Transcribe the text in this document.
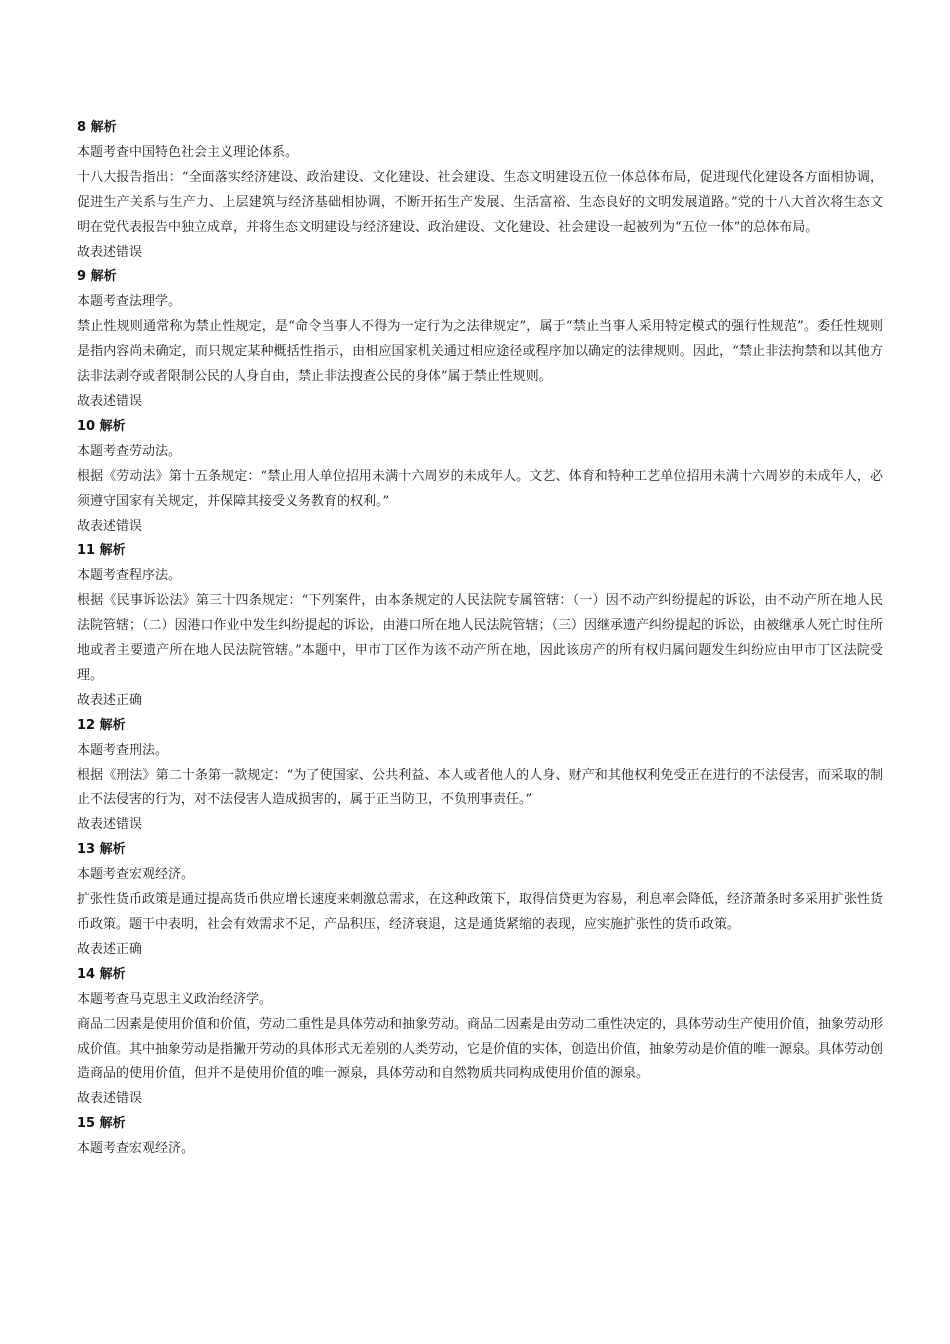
8 解析

本题考查中国特色社会主义理论体系。

十八大报告指出：“全面落实经济建设、政治建设、文化建设、社会建设、生态文明建设五位一体总体布局，促进现代化建设各方面相协调，促进生产关系与生产力、上层建筑与经济基础相协调，不断开拓生产发展、生活富裕、生态良好的文明发展道路。”党的十八大首次将生态文明在党代表报告中独立成章，并将生态文明建设与经济建设、政治建设、文化建设、社会建设一起被列为“五位一体”的总体布局。

故表述错误

9 解析

本题考查法理学。

禁止性规则通常称为禁止性规定，是“命令当事人不得为一定行为之法律规定”，属于“禁止当事人采用特定模式的强行性规范”。委任性规则是指内容尚未确定，而只规定某种概括性指示，由相应国家机关通过相应途径或程序加以确定的法律规则。因此，“禁止非法拘禁和以其他方法非法剥夺或者限制公民的人身自由，禁止非法搜查公民的身体”属于禁止性规则。

故表述错误

10 解析

本题考查劳动法。

根据《劳动法》第十五条规定：“禁止用人单位招用未满十六周岁的未成年人。文艺、体育和特种工艺单位招用未满十六周岁的未成年人，必须遵守国家有关规定，并保障其接受义务教育的权利。”

故表述错误

11 解析

本题考查程序法。

根据《民事诉讼法》第三十四条规定：“下列案件，由本条规定的人民法院专属管辖：（一）因不动产纠纷提起的诉讼，由不动产所在地人民法院管辖；（二）因港口作业中发生纠纷提起的诉讼，由港口所在地人民法院管辖；（三）因继承遗产纠纷提起的诉讼，由被继承人死亡时住所地或者主要遗产所在地人民法院管辖。”本题中，甲市丁区作为该不动产所在地，因此该房产的所有权归属问题发生纠纷应由甲市丁区法院受理。

故表述正确

12 解析

本题考查刑法。

根据《刑法》第二十条第一款规定：“为了使国家、公共利益、本人或者他人的人身、财产和其他权利免受正在进行的不法侵害，而采取的制止不法侵害的行为，对不法侵害人造成损害的，属于正当防卫，不负刑事责任。”

故表述错误

13 解析

本题考查宏观经济。

扩张性货币政策是通过提高货币供应增长速度来刺激总需求，在这种政策下，取得信贷更为容易，利息率会降低，经济萧条时多采用扩张性货币政策。题干中表明，社会有效需求不足，产品积压，经济衰退，这是通货紧缩的表现，应实施扩张性的货币政策。

故表述正确

14 解析

本题考查马克思主义政治经济学。

商品二因素是使用价值和价值，劳动二重性是具体劳动和抽象劳动。商品二因素是由劳动二重性决定的，具体劳动生产使用价值，抽象劳动形成价值。其中抽象劳动是指撇开劳动的具体形式无差别的人类劳动，它是价值的实体，创造出价值，抽象劳动是价值的唯一源泉。具体劳动创造商品的使用价值，但并不是使用价值的唯一源泉，具体劳动和自然物质共同构成使用价值的源泉。

故表述错误

15 解析

本题考查宏观经济。
